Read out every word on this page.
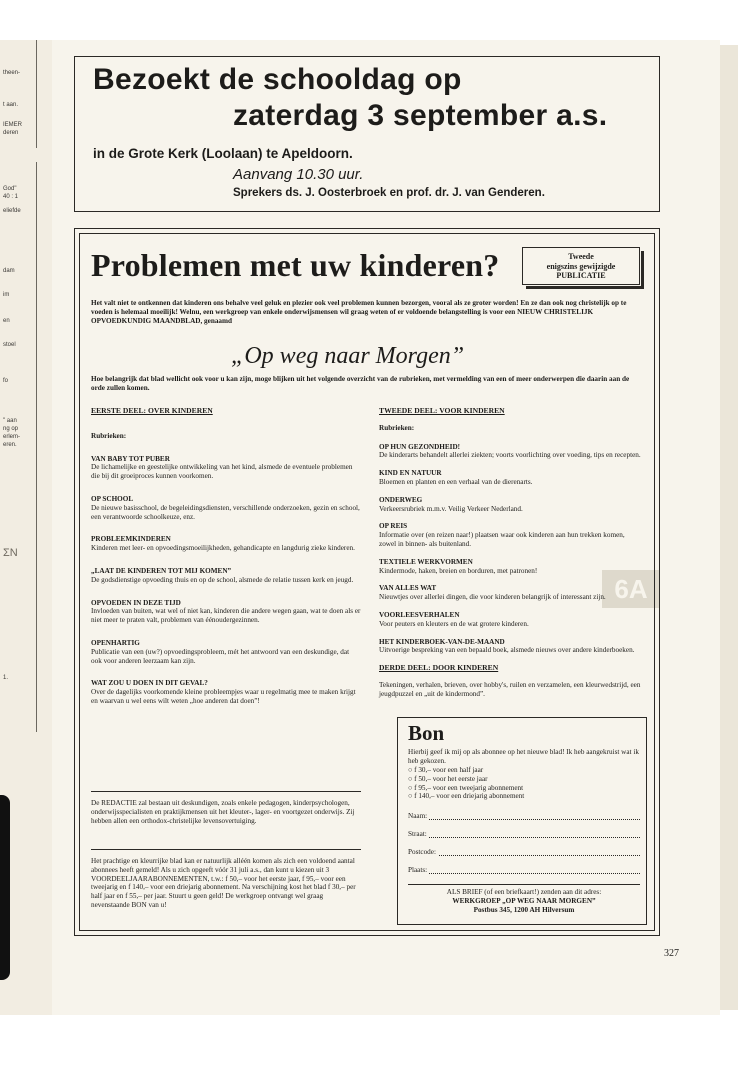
theen-
t aan.
IEMER
deren
God"
40 : 1
eliefde
dam
im
en
stoel
fo
" aan
ng op
erlem-
eren.
ΣN
1.
6A
Bezoekt de schooldag op
zaterdag 3 september a.s.
in de Grote Kerk (Loolaan) te Apeldoorn.
Aanvang 10.30 uur.
Sprekers ds. J. Oosterbroek en prof. dr. J. van Genderen.
Problemen met uw kinderen?	Tweede
enigszins gewijzigde
PUBLICATIE
Het valt niet te ontkennen dat kinderen ons behalve veel geluk en plezier ook veel problemen kunnen bezorgen, vooral als ze groter worden! En ze dan ook nog christelijk op te voeden is helemaal moeilijk! Welnu, een werkgroep van enkele onderwijsmensen wil graag weten of er voldoende belangstelling is voor een NIEUW CHRISTELIJK OPVOEDKUNDIG MAANDBLAD, genaamd
„Op weg naar Morgen”
Hoe belangrijk dat blad wellicht ook voor u kan zijn, moge blijken uit het volgende overzicht van de rubrieken, met vermelding van een of meer onderwerpen die daarin aan de orde zullen komen.

EERSTE DEEL: OVER KINDEREN

Rubrieken:
VAN BABY TOT PUBER
De lichamelijke en geestelijke ontwikkeling van het kind, alsmede de eventuele problemen die bij dit groeiproces kunnen voorkomen.
OP SCHOOL
De nieuwe basisschool, de begeleidingsdiensten, verschillende onderzoeken, gezin en school, een verantwoorde schoolkeuze, enz.
PROBLEEMKINDEREN
Kinderen met leer- en opvoedingsmoeilijkheden, gehandicapte en langdurig zieke kinderen.
„LAAT DE KINDEREN TOT MIJ KOMEN”
De godsdienstige opvoeding thuis en op de school, alsmede de relatie tussen kerk en jeugd.
OPVOEDEN IN DEZE TIJD
Invloeden van buiten, wat wel of niet kan, kinderen die andere wegen gaan, wat te doen als er niet meer te praten valt, problemen van éénoudergezinnen.
OPENHARTIG
Publicatie van een (uw?) opvoedingsprobleem, mét het antwoord van een deskundige, dat ook voor anderen leerzaam kan zijn.
WAT ZOU U DOEN IN DIT GEVAL?
Over de dagelijks voorkomende kleine probleempjes waar u regelmatig mee te maken krijgt en waarvan u wel eens wilt weten „hoe anderen dat doen”!
De REDACTIE zal bestaan uit deskundigen, zoals enkele pedagogen, kinderpsychologen, onderwijsspecialisten en praktijkmensen uit het kleuter-, lager- en voortgezet onderwijs. Zij hebben allen een orthodox-christelijke levensovertuiging.
Het prachtige en kleurrijke blad kan er natuurlijk alléén komen als zich een voldoend aantal abonnees heeft gemeld! Als u zich opgeeft vóór 31 juli a.s., dan kunt u kiezen uit 3 VOORDEELJAARABONNEMENTEN, t.w.: f 50,– voor het eerste jaar, f 95,– voor een tweejarig en f 140,– voor een driejarig abonnement. Na verschijning kost het blad f 30,– per half jaar en f 55,– per jaar. Stuurt u geen geld! De werkgroep ontvangt wel graag nevenstaande BON van u!

TWEEDE DEEL: VOOR KINDEREN

Rubrieken:
OP HUN GEZONDHEID!
De kinderarts behandelt allerlei ziekten; voorts voorlichting over voeding, tips en recepten.
KIND EN NATUUR
Bloemen en planten en een verhaal van de dierenarts.
ONDERWEG
Verkeersrubriek m.m.v. Veilig Verkeer Nederland.
OP REIS
Informatie over (en reizen naar!) plaatsen waar ook kinderen aan hun trekken komen, zowel in binnen- als buitenland.
TEXTIELE WERKVORMEN
Kindermode, haken, breien en borduren, met patronen!
VAN ALLES WAT
Nieuwtjes over allerlei dingen, die voor kinderen belangrijk of interessant zijn.
VOORLEESVERHALEN
Voor peuters en kleuters en de wat grotere kinderen.
HET KINDERBOEK-VAN-DE-MAAND
Uitvoerige bespreking van een bepaald boek, alsmede nieuws over andere kinderboeken.

DERDE DEEL: DOOR KINDEREN

Tekeningen, verhalen, brieven, over hobby's, ruilen en verzamelen, een kleurwedstrijd, een jeugdpuzzel en „uit de kindermond”.
Bon
Hierbij geef ik mij op als abonnee op het nieuwe blad! Ik heb aangekruist wat ik heb gekozen.
○ f 30,– voor een half jaar
○ f 50,– voor het eerste jaar
○ f 95,– voor een tweejarig abonnement
○ f 140,– voor een driejarig abonnement
Naam:
Straat:
Postcode:
Plaats:
ALS BRIEF (of een briefkaart!) zenden aan dit adres:
WERKGROEP „OP WEG NAAR MORGEN”
Postbus 345, 1200 AH Hilversum
327
